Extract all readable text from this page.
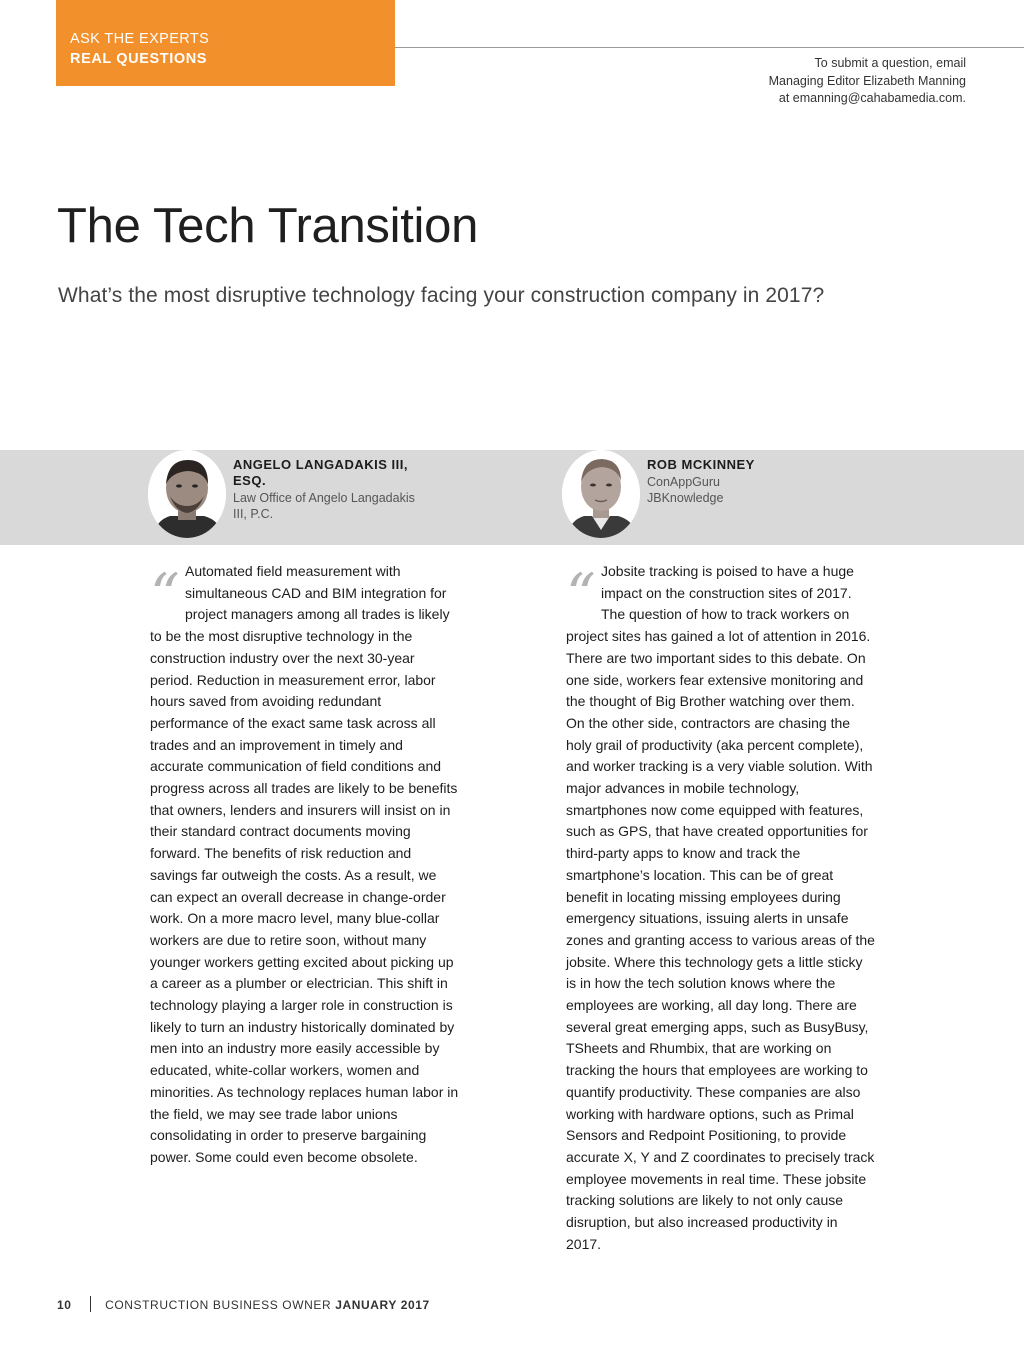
ASK THE EXPERTS
REAL QUESTIONS	To submit a question, email
Managing Editor Elizabeth Manning
at emanning@cahabamedia.com.
The Tech Transition
What’s the most disruptive technology facing your construction company in 2017?
ANGELO LANGADAKIS III,
ESQ.
Law Office of Angelo Langadakis
III, P.C.
ROB MCKINNEY
ConAppGuru
JBKnowledge
“ Automated field measurement with simultaneous CAD and BIM integration for project managers among all trades is likely to be the most disruptive technology in the construction industry over the next 30-year period. Reduction in measurement error, labor hours saved from avoiding redundant performance of the exact same task across all trades and an improvement in timely and accurate communication of field conditions and progress across all trades are likely to be benefits that owners, lenders and insurers will insist on in their standard contract documents moving forward. The benefits of risk reduction and savings far outweigh the costs. As a result, we can expect an overall decrease in change-order work. On a more macro level, many blue-collar workers are due to retire soon, without many younger workers getting excited about picking up a career as a plumber or electrician. This shift in technology playing a larger role in construction is likely to turn an industry historically dominated by men into an industry more easily accessible by educated, white-collar workers, women and minorities. As technology replaces human labor in the field, we may see trade labor unions consolidating in order to preserve bargaining power. Some could even become obsolete.

“ Jobsite tracking is poised to have a huge impact on the construction sites of 2017. The question of how to track workers on project sites has gained a lot of attention in 2016. There are two important sides to this debate. On one side, workers fear extensive monitoring and the thought of Big Brother watching over them. On the other side, contractors are chasing the holy grail of productivity (aka percent complete), and worker tracking is a very viable solution. With major advances in mobile technology, smartphones now come equipped with features, such as GPS, that have created opportunities for third-party apps to know and track the smartphone’s location. This can be of great benefit in locating missing employees during emergency situations, issuing alerts in unsafe zones and granting access to various areas of the jobsite. Where this technology gets a little sticky is in how the tech solution knows where the employees are working, all day long. There are several great emerging apps, such as BusyBusy, TSheets and Rhumbix, that are working on tracking the hours that employees are working to quantify productivity. These companies are also working with hardware options, such as Primal Sensors and Redpoint Positioning, to provide accurate X, Y and Z coordinates to precisely track employee movements in real time. These jobsite tracking solutions are likely to not only cause disruption, but also increased productivity in 2017.

10	CONSTRUCTION BUSINESS OWNER JANUARY 2017
